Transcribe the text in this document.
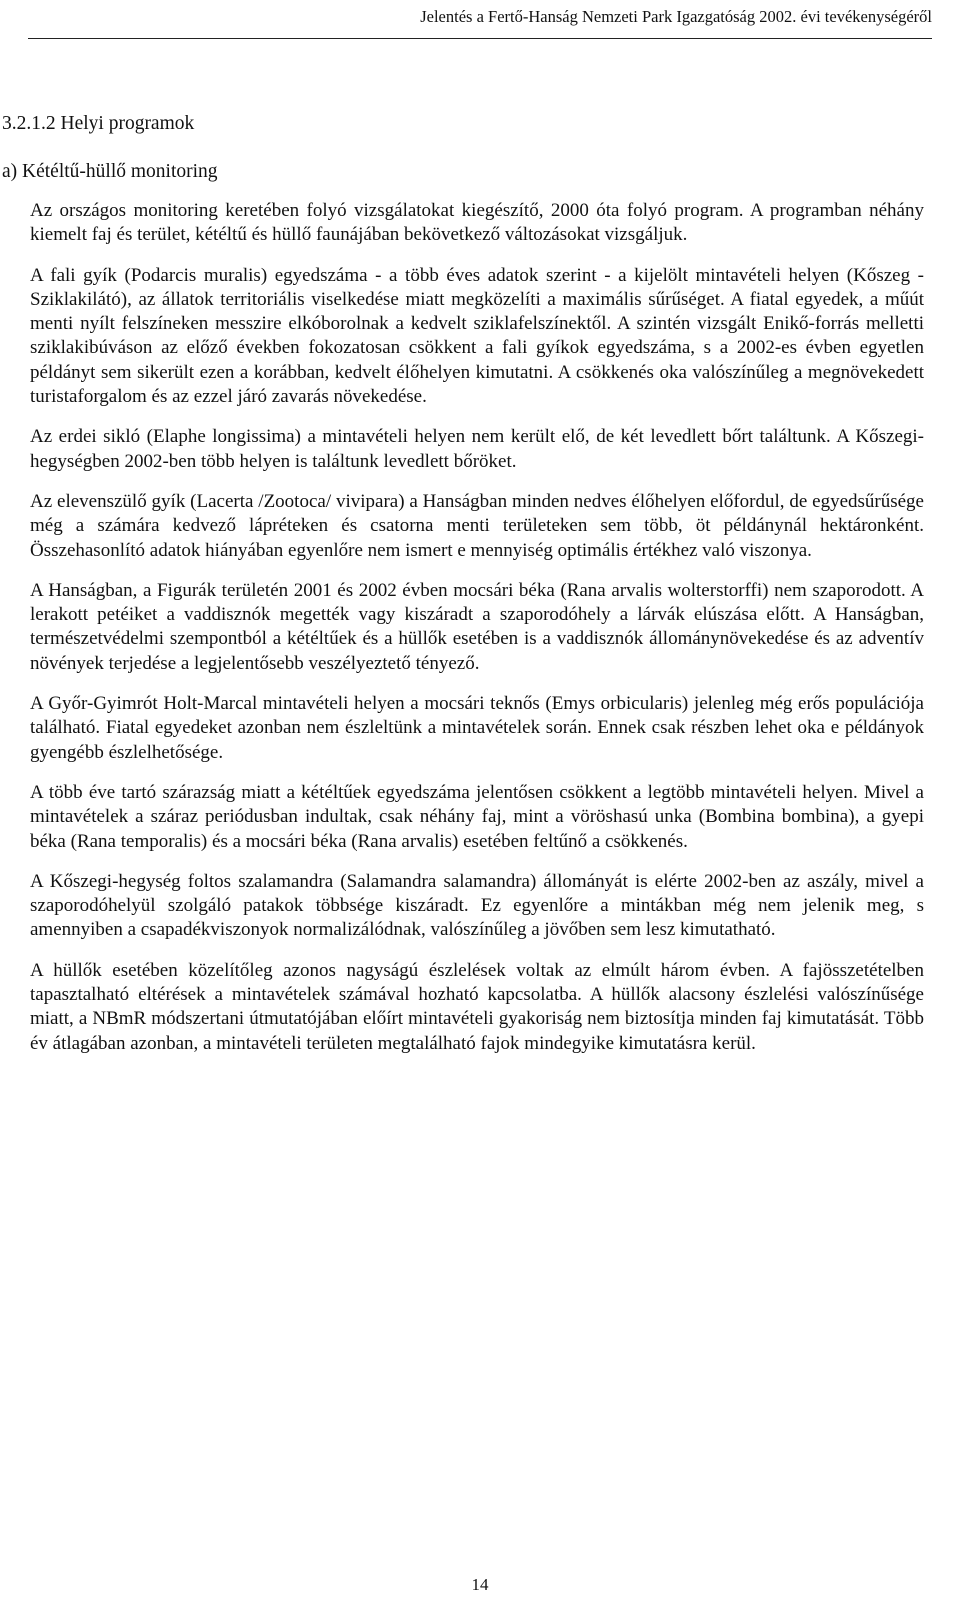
Jelentés a Fertő-Hanság Nemzeti Park Igazgatóság 2002. évi tevékenységéről
3.2.1.2 Helyi programok
a) Kétéltű-hüllő monitoring

Az országos monitoring keretében folyó vizsgálatokat kiegészítő, 2000 óta folyó program. A programban néhány kiemelt faj és terület, kétéltű és hüllő faunájában bekövetkező változásokat vizsgáljuk.

A fali gyík (Podarcis muralis) egyedszáma - a több éves adatok szerint - a kijelölt mintavételi helyen (Kőszeg - Sziklakilátó), az állatok territoriális viselkedése miatt megközelíti a maximális sűrűséget. A fiatal egyedek, a műút menti nyílt felszíneken messzire elkóborolnak a kedvelt sziklafelszínektől. A szintén vizsgált Enikő-forrás melletti sziklakibúváson az előző években fokozatosan csökkent a fali gyíkok egyedszáma, s a 2002-es évben egyetlen példányt sem sikerült ezen a korábban, kedvelt élőhelyen kimutatni. A csökkenés oka valószínűleg a megnövekedett turistaforgalom és az ezzel járó zavarás növekedése.

Az erdei sikló (Elaphe longissima) a mintavételi helyen nem került elő, de két levedlett bőrt találtunk. A Kőszegi-hegységben 2002-ben több helyen is találtunk levedlett bőröket.

Az elevenszülő gyík (Lacerta /Zootoca/ vivipara) a Hanságban minden nedves élőhelyen előfordul, de egyedsűrűsége még a számára kedvező lápréteken és csatorna menti területeken sem több, öt példánynál hektáronként. Összehasonlító adatok hiányában egyenlőre nem ismert e mennyiség optimális értékhez való viszonya.

A Hanságban, a Figurák területén 2001 és 2002 évben mocsári béka (Rana arvalis wolterstorffi) nem szaporodott. A lerakott petéiket a vaddisznók megették vagy kiszáradt a szaporodóhely a lárvák elúszása előtt. A Hanságban, természetvédelmi szempontból a kétéltűek és a hüllők esetében is a vaddisznók állománynövekedése és az adventív növények terjedése a legjelentősebb veszélyeztető tényező.

A Győr-Gyimrót Holt-Marcal mintavételi helyen a mocsári teknős (Emys orbicularis) jelenleg még erős populációja található. Fiatal egyedeket azonban nem észleltünk a mintavételek során. Ennek csak részben lehet oka e példányok gyengébb észlelhetősége.

A több éve tartó szárazság miatt a kétéltűek egyedszáma jelentősen csökkent a legtöbb mintavételi helyen. Mivel a mintavételek a száraz periódusban indultak, csak néhány faj, mint a vöröshasú unka (Bombina bombina), a gyepi béka (Rana temporalis) és a mocsári béka (Rana arvalis) esetében feltűnő a csökkenés.

A Kőszegi-hegység foltos szalamandra (Salamandra salamandra) állományát is elérte 2002-ben az aszály, mivel a szaporodóhelyül szolgáló patakok többsége kiszáradt. Ez egyenlőre a mintákban még nem jelenik meg, s amennyiben a csapadékviszonyok normalizálódnak, valószínűleg a jövőben sem lesz kimutatható.

A hüllők esetében közelítőleg azonos nagyságú észlelések voltak az elmúlt három évben. A fajösszetételben tapasztalható eltérések a mintavételek számával hozható kapcsolatba. A hüllők alacsony észlelési valószínűsége miatt, a NBmR módszertani útmutatójában előírt mintavételi gyakoriság nem biztosítja minden faj kimutatását. Több év átlagában azonban, a mintavételi területen megtalálható fajok mindegyike kimutatásra kerül.

14
